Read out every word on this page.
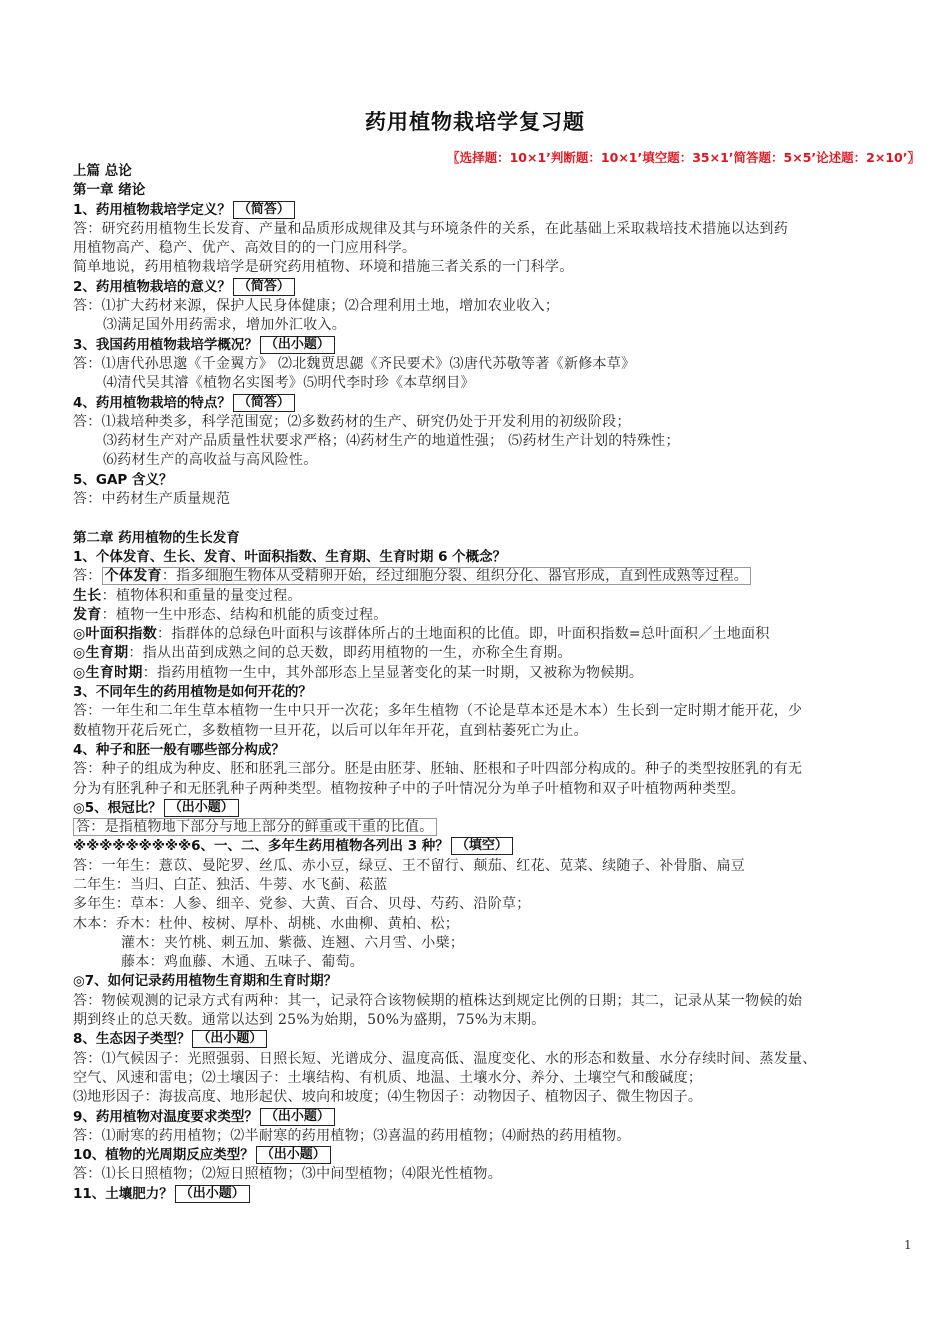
药用植物栽培学复习题
〖选择题：10×1’判断题：10×1’填空题：35×1’简答题：5×5’论述题：2×10’〗
上篇 总论
第一章 绪论
1、药用植物栽培学定义？ （简答）
答：研究药用植物生长发育、产量和品质形成规律及其与环境条件的关系，在此基础上采取栽培技术措施以达到药
用植物高产、稳产、优产、高效目的的一门应用科学。
简单地说，药用植物栽培学是研究药用植物、环境和措施三者关系的一门科学。
2、药用植物栽培的意义？ （简答）
答：⑴扩大药材来源，保护人民身体健康；⑵合理利用土地，增加农业收入；
⑶满足国外用药需求，增加外汇收入。
3、我国药用植物栽培学概况？ （出小题）
答：⑴唐代孙思邈《千金翼方》 ⑵北魏贾思勰《齐民要术》⑶唐代苏敬等著《新修本草》
⑷清代吴其濬《植物名实图考》⑸明代李时珍《本草纲目》
4、药用植物栽培的特点？ （简答）
答：⑴栽培种类多，科学范围宽；⑵多数药材的生产、研究仍处于开发利用的初级阶段；
⑶药材生产对产品质量性状要求严格；⑷药材生产的地道性强； ⑸药材生产计划的特殊性；
⑹药材生产的高收益与高风险性。
5、GAP 含义？
答：中药材生产质量规范
第二章 药用植物的生长发育
1、个体发育、生长、发育、叶面积指数、生育期、生育时期 6 个概念？
答： 个体发育：指多细胞生物体从受精卵开始，经过细胞分裂、组织分化、器官形成，直到性成熟等过程。
生长：植物体积和重量的量变过程。
发育：植物一生中形态、结构和机能的质变过程。
◎叶面积指数：指群体的总绿色叶面积与该群体所占的土地面积的比值。即，叶面积指数=总叶面积／土地面积
◎生育期：指从出苗到成熟之间的总天数，即药用植物的一生，亦称全生育期。
◎生育时期：指药用植物一生中，其外部形态上呈显著变化的某一时期，又被称为物候期。
3、不同年生的药用植物是如何开花的？
答：一年生和二年生草本植物一生中只开一次花；多年生植物（不论是草本还是木本）生长到一定时期才能开花，少
数植物开花后死亡，多数植物一旦开花，以后可以年年开花，直到枯萎死亡为止。
4、种子和胚一般有哪些部分构成？
答：种子的组成为种皮、胚和胚乳三部分。胚是由胚芽、胚轴、胚根和子叶四部分构成的。种子的类型按胚乳的有无
分为有胚乳种子和无胚乳种子两种类型。植物按种子中的子叶情况分为单子叶植物和双子叶植物两种类型。
◎5、根冠比？ （出小题）
答：是指植物地下部分与地上部分的鲜重或干重的比值。
※※※※※※※※※6、一、二、多年生药用植物各列出 3 种？ （填空）
答：一年生：薏苡、曼陀罗、丝瓜、赤小豆，绿豆、王不留行、颠茄、红花、苋菜、续随子、补骨脂、扁豆
二年生：当归、白芷、独活、牛蒡、水飞蓟、菘蓝
多年生：草本：人参、细辛、党参、大黄、百合、贝母、芍药、沿阶草；
木本：乔木：杜仲、桉树、厚朴、胡桃、水曲柳、黄柏、松；
灌木：夹竹桃、刺五加、紫薇、连翘、六月雪、小檗；
藤本：鸡血藤、木通、五味子、葡萄。
◎7、如何记录药用植物生育期和生育时期？
答：物候观测的记录方式有两种：其一，记录符合该物候期的植株达到规定比例的日期；其二，记录从某一物候的始
期到终止的总天数。通常以达到 25%为始期，50%为盛期，75%为末期。
8、生态因子类型？ （出小题）
答：⑴气候因子：光照强弱、日照长短、光谱成分、温度高低、温度变化、水的形态和数量、水分存续时间、蒸发量、
空气、风速和雷电；⑵土壤因子：土壤结构、有机质、地温、土壤水分、养分、土壤空气和酸碱度；
⑶地形因子：海拔高度、地形起伏、坡向和坡度；⑷生物因子：动物因子、植物因子、微生物因子。
9、药用植物对温度要求类型？ （出小题）
答：⑴耐寒的药用植物；⑵半耐寒的药用植物；⑶喜温的药用植物；⑷耐热的药用植物。
10、植物的光周期反应类型？ （出小题）
答：⑴长日照植物；⑵短日照植物；⑶中间型植物；⑷限光性植物。
11、土壤肥力？ （出小题）
1
